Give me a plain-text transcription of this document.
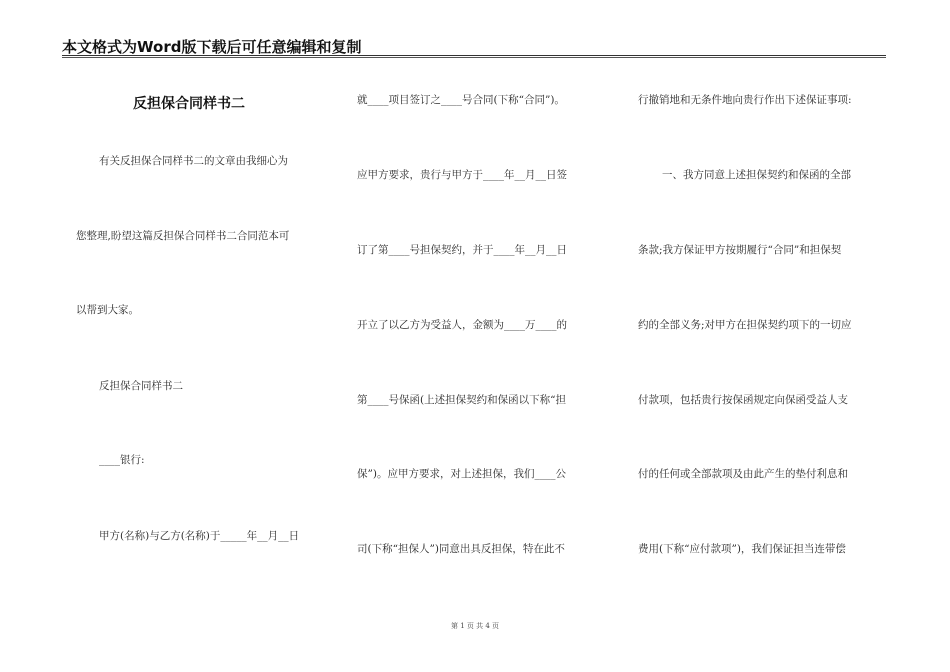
本文格式为Word版下载后可任意编辑和复制
反担保合同样书二
有关反担保合同样书二的文章由我细心为
您整理,盼望这篇反担保合同样书二合同范本可
以帮到大家。
反担保合同样书二
____银行:
甲方(名称)与乙方(名称)于_____年__月__日
就____项目签订之____号合同(下称“合同”)。
应甲方要求，贵行与甲方于____年__月__日签
订了第____号担保契约，并于____年__月__日
开立了以乙方为受益人，金额为____万____的
第____号保函(上述担保契约和保函以下称“担
保”)。应甲方要求，对上述担保，我们____公
司(下称“担保人”)同意出具反担保，特在此不
行撤销地和无条件地向贵行作出下述保证事项:
一、我方同意上述担保契约和保函的全部
条款;我方保证甲方按期履行“合同”和担保契
约的全部义务;对甲方在担保契约项下的一切应
付款项，包括贵行按保函规定向保函受益人支
付的任何或全部款项及由此产生的垫付利息和
费用(下称“应付款项”)，我们保证担当连带偿
第 1 页 共 4 页
